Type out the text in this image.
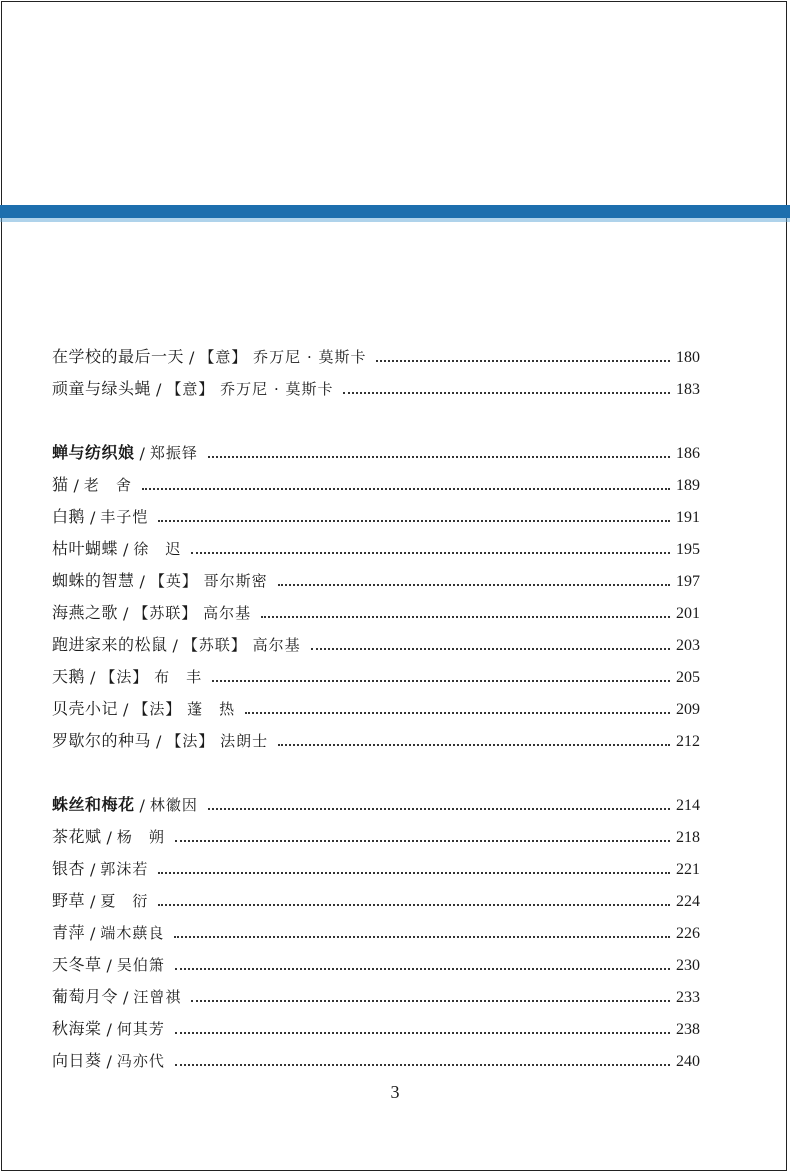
在学校的最后一天 / 【意】 乔万尼 · 莫斯卡	180
顽童与绿头蝇 / 【意】 乔万尼 · 莫斯卡	183
蝉与纺织娘 / 郑振铎	186
猫 / 老　舍	189
白鹅 / 丰子恺	191
枯叶蝴蝶 / 徐　迟	195
蜘蛛的智慧 / 【英】 哥尔斯密	197
海燕之歌 / 【苏联】 高尔基	201
跑进家来的松鼠 / 【苏联】 高尔基	203
天鹅 / 【法】 布　丰	205
贝壳小记 / 【法】 蓬　热	209
罗歇尔的种马 / 【法】 法朗士	212
蛛丝和梅花 / 林徽因	214
茶花赋 / 杨　朔	218
银杏 / 郭沫若	221
野草 / 夏　衍	224
青萍 / 端木蕻良	226
天冬草 / 吴伯箫	230
葡萄月令 / 汪曾祺	233
秋海棠 / 何其芳	238
向日葵 / 冯亦代	240
3
